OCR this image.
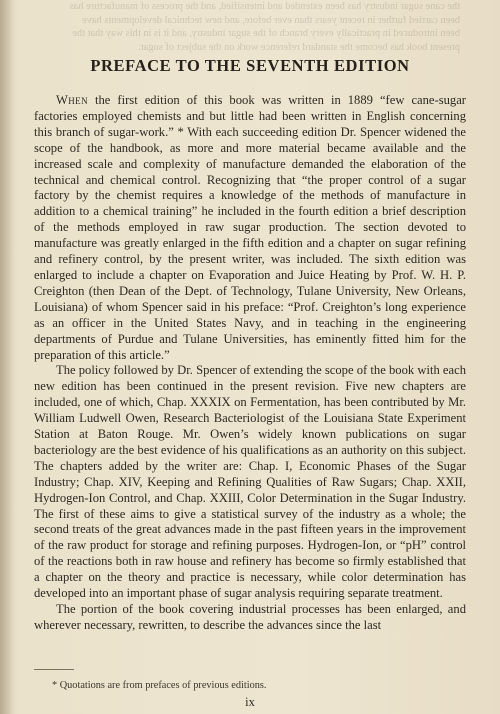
the cane sugar industry has been extended and intensified, and the process of manufacture has been carried further in recent years than ever before, and new technical developments have been introduced in practically every branch of the sugar industry, and it is in this way that the present book has become the standard reference work on the subject of sugar.
PREFACE TO THE SEVENTH EDITION

When the first edition of this book was written in 1889 “few cane-sugar factories employed chemists and but little had been written in English concerning this branch of sugar-work.” * With each succeeding edition Dr. Spencer widened the scope of the handbook, as more and more material became available and the increased scale and complexity of manufacture demanded the elaboration of the technical and chemical control. Recognizing that “the proper control of a sugar factory by the chemist requires a knowledge of the methods of manufacture in addition to a chemical training” he included in the fourth edition a brief description of the methods employed in raw sugar production. The section devoted to manufacture was greatly enlarged in the fifth edition and a chapter on sugar refining and refinery control, by the present writer, was included. The sixth edition was enlarged to include a chapter on Evaporation and Juice Heating by Prof. W. H. P. Creighton (then Dean of the Dept. of Technology, Tulane University, New Orleans, Louisiana) of whom Spencer said in his preface: “Prof. Creighton’s long experience as an officer in the United States Navy, and in teaching in the engineering departments of Purdue and Tulane Universities, has eminently fitted him for the preparation of this article.”

The policy followed by Dr. Spencer of extending the scope of the book with each new edition has been continued in the present revision. Five new chapters are included, one of which, Chap. XXXIX on Fermentation, has been contributed by Mr. William Ludwell Owen, Research Bacteriologist of the Louisiana State Experiment Station at Baton Rouge. Mr. Owen’s widely known publications on sugar bacteriology are the best evidence of his qualifications as an authority on this subject. The chapters added by the writer are: Chap. I, Economic Phases of the Sugar Industry; Chap. XIV, Keeping and Refining Qualities of Raw Sugars; Chap. XXII, Hydrogen-Ion Control, and Chap. XXIII, Color Determination in the Sugar Industry. The first of these aims to give a statistical survey of the industry as a whole; the second treats of the great advances made in the past fifteen years in the improvement of the raw product for storage and refining purposes. Hydrogen-Ion, or “pH” control of the reactions both in raw house and refinery has become so firmly established that a chapter on the theory and practice is necessary, while color determination has developed into an important phase of sugar analysis requiring separate treatment.

The portion of the book covering industrial processes has been enlarged, and wherever necessary, rewritten, to describe the advances since the last

* Quotations are from prefaces of previous editions.
ix
